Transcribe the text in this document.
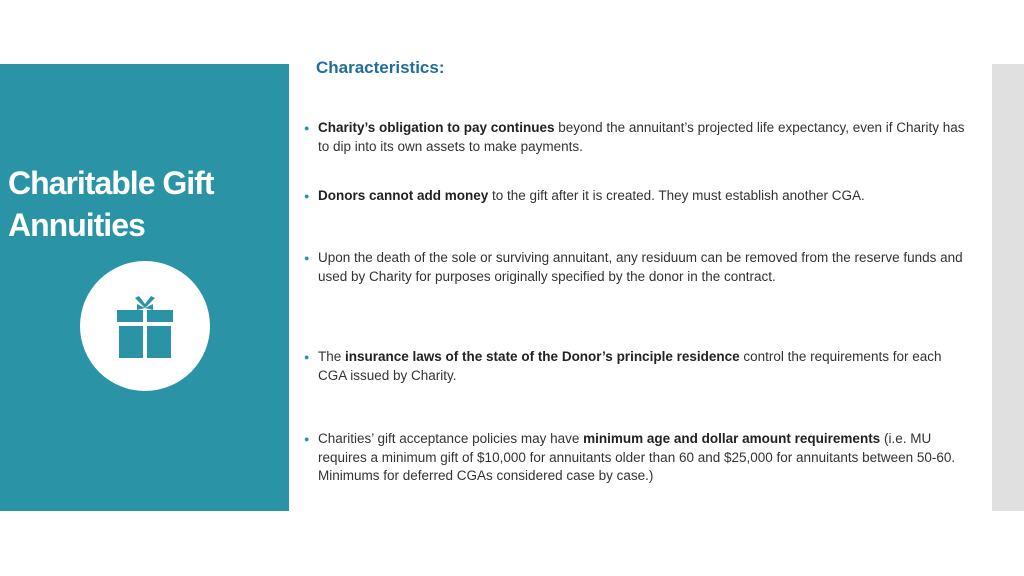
Charitable Gift
Annuities
Characteristics:
● Charity’s obligation to pay continues beyond the annuitant’s projected life expectancy, even if Charity has to dip into its own assets to make payments.
● Donors cannot add money to the gift after it is created. They must establish another CGA.
● Upon the death of the sole or surviving annuitant, any residuum can be removed from the reserve funds and used by Charity for purposes originally specified by the donor in the contract.
● The insurance laws of the state of the Donor’s principle residence control the requirements for each CGA issued by Charity.
● Charities’ gift acceptance policies may have minimum age and dollar amount requirements (i.e. MU requires a minimum gift of $10,000 for annuitants older than 60 and $25,000 for annuitants between 50-60. Minimums for deferred CGAs considered case by case.)
